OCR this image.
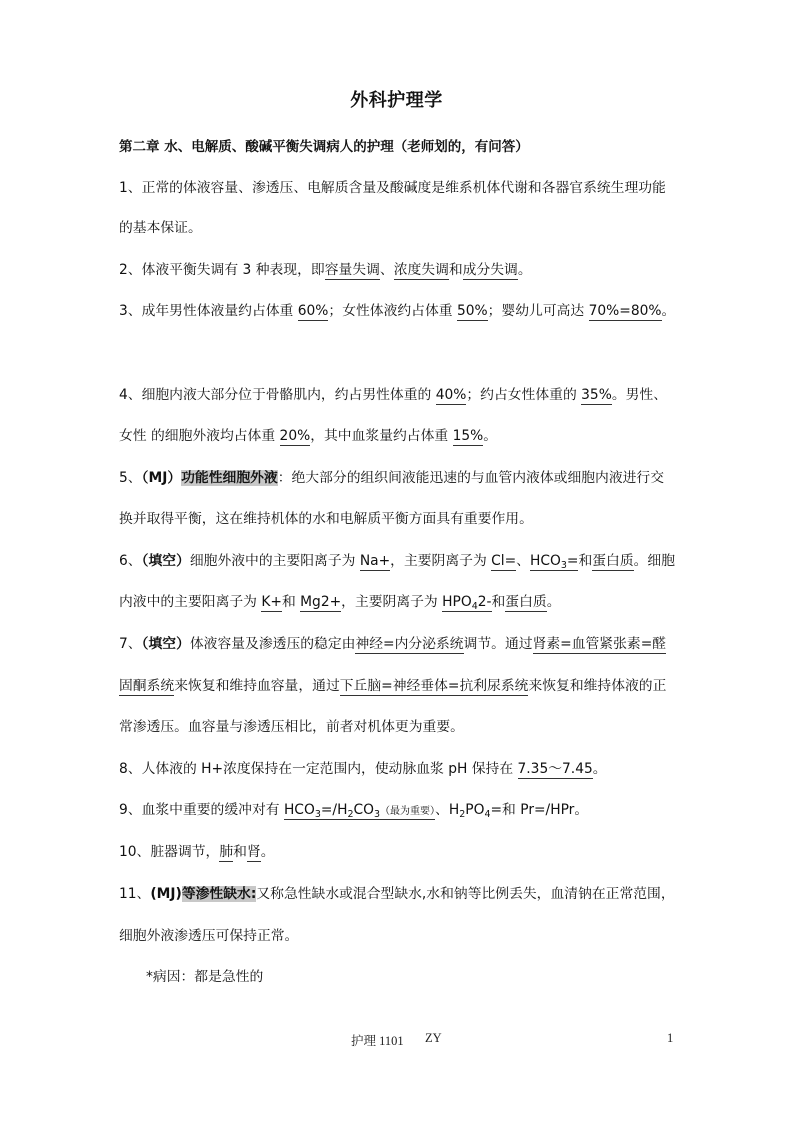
外科护理学
第二章 水、电解质、酸碱平衡失调病人的护理（老师划的，有问答）
1、正常的体液容量、渗透压、电解质含量及酸碱度是维系机体代谢和各器官系统生理功能
的基本保证。
2、体液平衡失调有 3 种表现，即容量失调、浓度失调和成分失调。
3、成年男性体液量约占体重 60%；女性体液约占体重 50%；婴幼儿可高达 70%=80%。
4、细胞内液大部分位于骨骼肌内，约占男性体重的 40%；约占女性体重的 35%。男性、
女性 的细胞外液均占体重 20%，其中血浆量约占体重 15%。
5、（MJ）功能性细胞外液：绝大部分的组织间液能迅速的与血管内液体或细胞内液进行交
换并取得平衡，这在维持机体的水和电解质平衡方面具有重要作用。
6、（填空）细胞外液中的主要阳离子为 Na+，主要阴离子为 Cl=、$HCO_3=$和蛋白质。细胞
内液中的主要阳离子为 K+和 Mg2+，主要阴离子为 $HPO_42-$和蛋白质。
7、（填空）体液容量及渗透压的稳定由神经=内分泌系统调节。通过肾素=血管紧张素=醛
固酮系统来恢复和维持血容量，通过下丘脑=神经垂体=抗利尿系统来恢复和维持体液的正
常渗透压。血容量与渗透压相比，前者对机体更为重要。
8、人体液的 H+浓度保持在一定范围内，使动脉血浆 pH 保持在 7.35～7.45。
9、血浆中重要的缓冲对有 $HCO_3=/H_2CO_3$（最为重要）、$H_2PO_4=$和 Pr=/HPr。
10、脏器调节，肺和肾。
11、(MJ)等渗性缺水:又称急性缺水或混合型缺水,水和钠等比例丢失，血清钠在正常范围，
细胞外液渗透压可保持正常。
*病因：都是急性的
护理 1101 ZY	1
